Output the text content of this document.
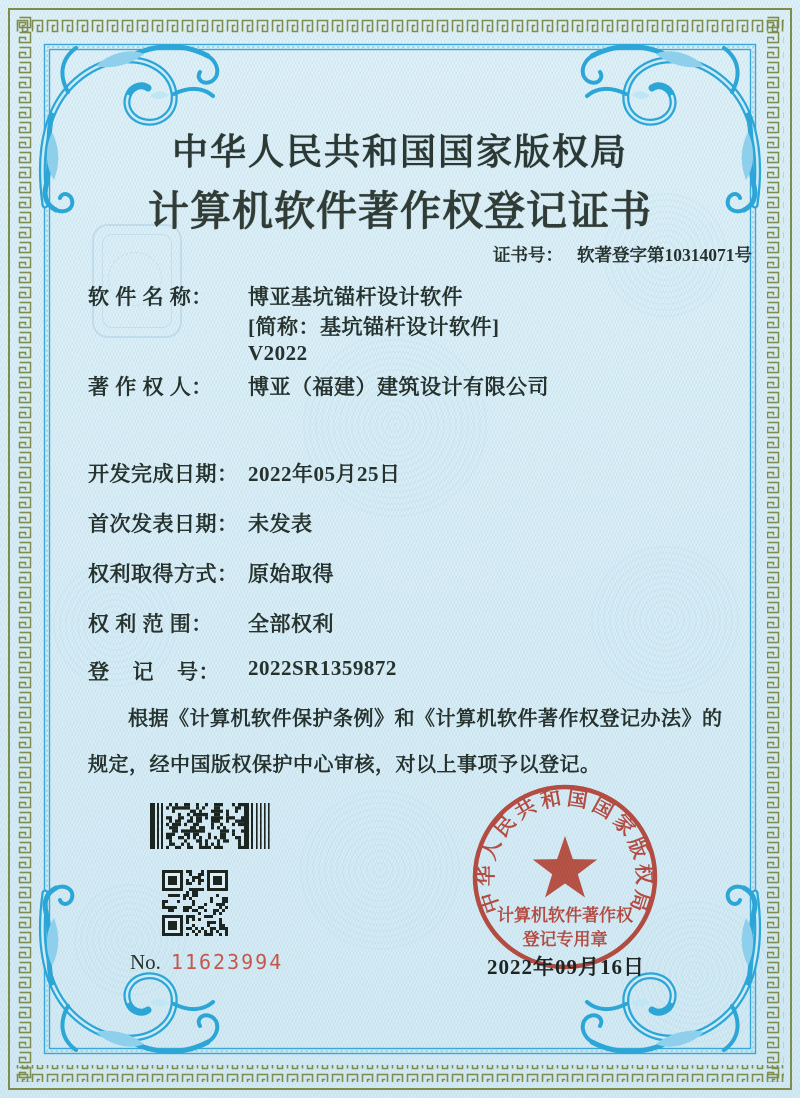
中华人民共和国国家版权局
计算机软件著作权登记证书
证书号： 软著登字第10314071号
软 件 名 称： 博亚基坑锚杆设计软件
[简称：基坑锚杆设计软件]
V2022
著 作 权 人： 博亚（福建）建筑设计有限公司
开发完成日期： 2022年05月25日
首次发表日期： 未发表
权利取得方式： 原始取得
权 利 范 围： 全部权利
登    记    号： 2022SR1359872
根据《计算机软件保护条例》和《计算机软件著作权登记办法》的
规定，经中国版权保护中心审核，对以上事项予以登记。
No. 11623994
中华人民共和国国家版权局
计算机软件著作权
登记专用章
2022年09月16日
